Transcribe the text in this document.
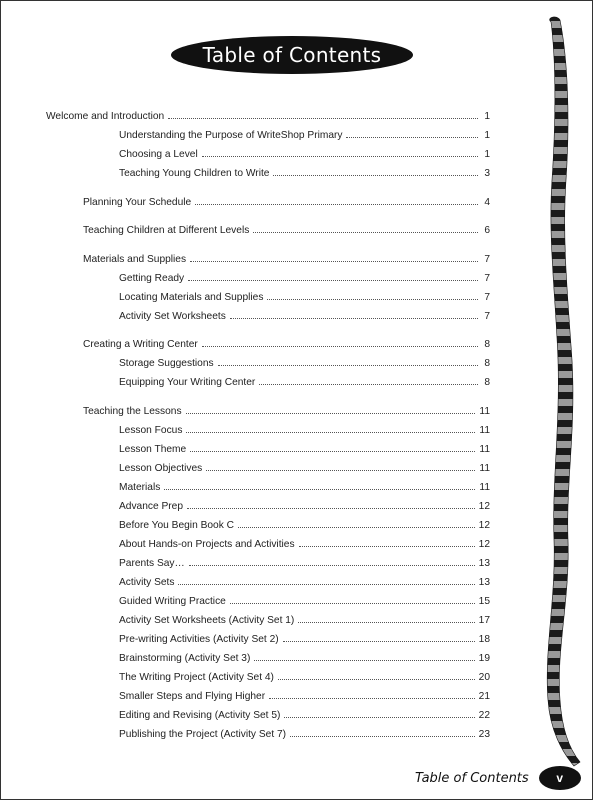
Table of Contents
Welcome and Introduction	1
Understanding the Purpose of WriteShop Primary	1
Choosing a Level	1
Teaching Young Children to Write	3
Planning Your Schedule	4
Teaching Children at Different Levels	6
Materials and Supplies	7
Getting Ready	7
Locating Materials and Supplies	7
Activity Set Worksheets	7
Creating a Writing Center	8
Storage Suggestions	8
Equipping Your Writing Center	8
Teaching the Lessons	11
Lesson Focus	11
Lesson Theme	11
Lesson Objectives	11
Materials	11
Advance Prep	12
Before You Begin Book C	12
About Hands-on Projects and Activities	12
Parents Say…	13
Activity Sets	13
Guided Writing Practice	15
Activity Set Worksheets (Activity Set 1)	17
Pre-writing Activities (Activity Set 2)	18
Brainstorming (Activity Set 3)	19
The Writing Project (Activity Set 4)	20
Smaller Steps and Flying Higher	21
Editing and Revising (Activity Set 5)	22
Publishing the Project (Activity Set 7)	23
Table of Contents	v
